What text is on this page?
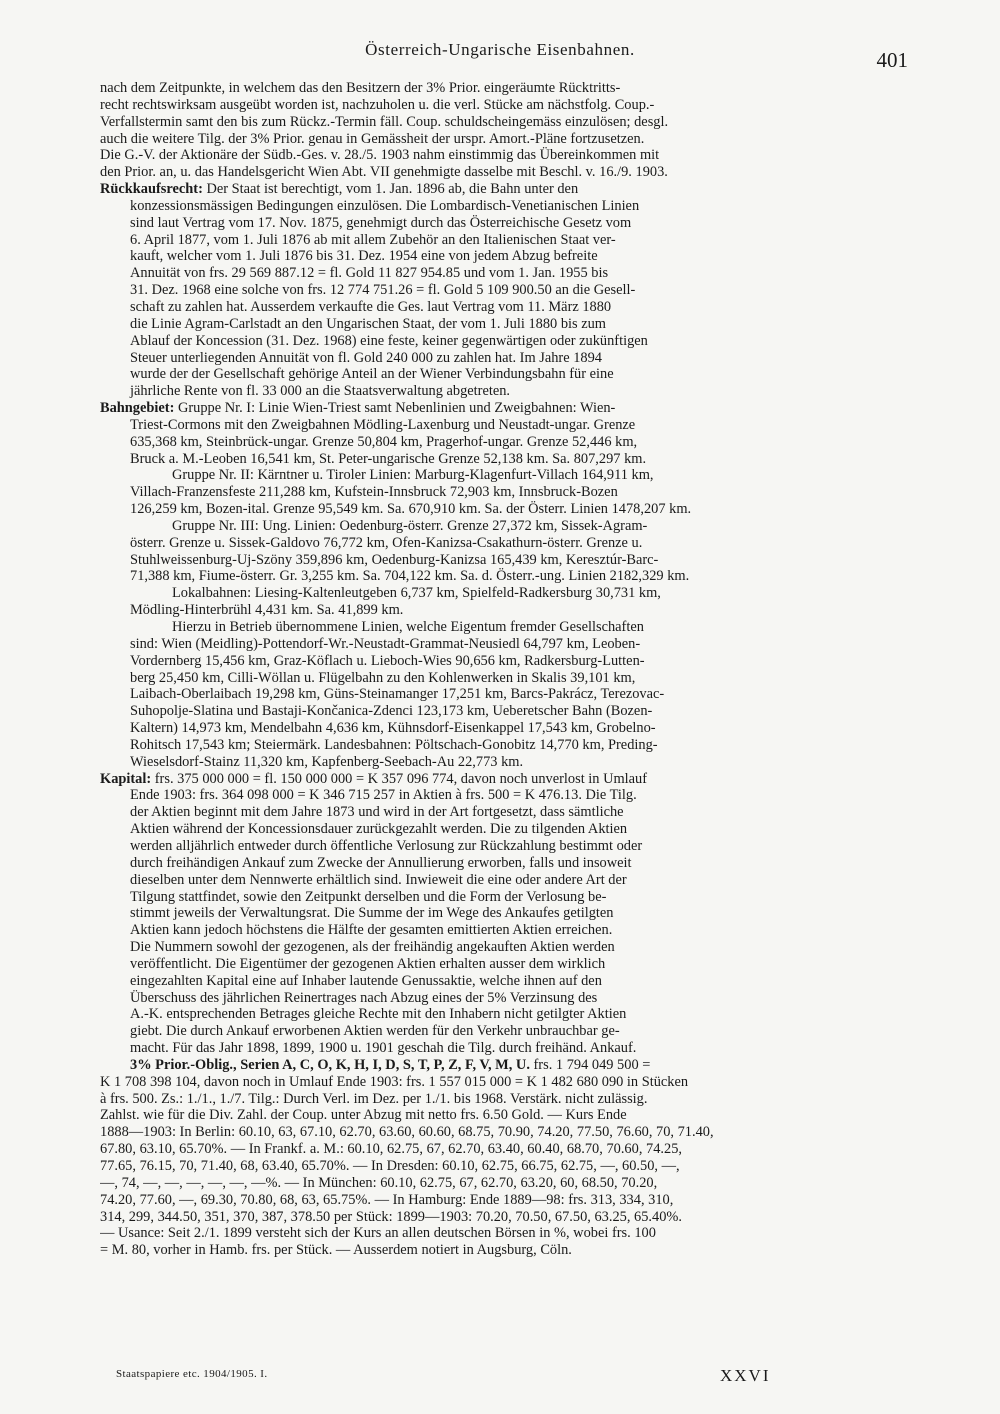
Österreich-Ungarische Eisenbahnen.	401
nach dem Zeitpunkte, in welchem das den Besitzern der 3% Prior. eingeräumte Rücktritts-
recht rechtswirksam ausgeübt worden ist, nachzuholen u. die verl. Stücke am nächstfolg. Coup.-
Verfallstermin samt den bis zum Rückz.-Termin fäll. Coup. schuldscheingemäss einzulösen; desgl.
auch die weitere Tilg. der 3% Prior. genau in Gemässheit der urspr. Amort.-Pläne fortzusetzen.
Die G.-V. der Aktionäre der Südb.-Ges. v. 28./5. 1903 nahm einstimmig das Übereinkommen mit
den Prior. an, u. das Handelsgericht Wien Abt. VII genehmigte dasselbe mit Beschl. v. 16./9. 1903.
Rückkaufsrecht: Der Staat ist berechtigt, vom 1. Jan. 1896 ab, die Bahn unter den
konzessionsmässigen Bedingungen einzulösen. Die Lombardisch-Venetianischen Linien
sind laut Vertrag vom 17. Nov. 1875, genehmigt durch das Österreichische Gesetz vom
6. April 1877, vom 1. Juli 1876 ab mit allem Zubehör an den Italienischen Staat ver-
kauft, welcher vom 1. Juli 1876 bis 31. Dez. 1954 eine von jedem Abzug befreite
Annuität von frs. 29 569 887.12 = fl. Gold 11 827 954.85 und vom 1. Jan. 1955 bis
31. Dez. 1968 eine solche von frs. 12 774 751.26 = fl. Gold 5 109 900.50 an die Gesell-
schaft zu zahlen hat. Ausserdem verkaufte die Ges. laut Vertrag vom 11. März 1880
die Linie Agram-Carlstadt an den Ungarischen Staat, der vom 1. Juli 1880 bis zum
Ablauf der Koncession (31. Dez. 1968) eine feste, keiner gegenwärtigen oder zukünftigen
Steuer unterliegenden Annuität von fl. Gold 240 000 zu zahlen hat. Im Jahre 1894
wurde der der Gesellschaft gehörige Anteil an der Wiener Verbindungsbahn für eine
jährliche Rente von fl. 33 000 an die Staatsverwaltung abgetreten.
Bahngebiet: Gruppe Nr. I: Linie Wien-Triest samt Nebenlinien und Zweigbahnen: Wien-
Triest-Cormons mit den Zweigbahnen Mödling-Laxenburg und Neustadt-ungar. Grenze
635,368 km, Steinbrück-ungar. Grenze 50,804 km, Pragerhof-ungar. Grenze 52,446 km,
Bruck a. M.-Leoben 16,541 km, St. Peter-ungarische Grenze 52,138 km. Sa. 807,297 km.
Gruppe Nr. II: Kärntner u. Tiroler Linien: Marburg-Klagenfurt-Villach 164,911 km,
Villach-Franzensfeste 211,288 km, Kufstein-Innsbruck 72,903 km, Innsbruck-Bozen
126,259 km, Bozen-ital. Grenze 95,549 km. Sa. 670,910 km. Sa. der Österr. Linien 1478,207 km.
Gruppe Nr. III: Ung. Linien: Oedenburg-österr. Grenze 27,372 km, Sissek-Agram-
österr. Grenze u. Sissek-Galdovo 76,772 km, Ofen-Kanizsa-Csakathurn-österr. Grenze u.
Stuhlweissenburg-Uj-Szöny 359,896 km, Oedenburg-Kanizsa 165,439 km, Keresztúr-Barc-
71,388 km, Fiume-österr. Gr. 3,255 km. Sa. 704,122 km. Sa. d. Österr.-ung. Linien 2182,329 km.
Lokalbahnen: Liesing-Kaltenleutgeben 6,737 km, Spielfeld-Radkersburg 30,731 km,
Mödling-Hinterbrühl 4,431 km. Sa. 41,899 km.
Hierzu in Betrieb übernommene Linien, welche Eigentum fremder Gesellschaften
sind: Wien (Meidling)-Pottendorf-Wr.-Neustadt-Grammat-Neusiedl 64,797 km, Leoben-
Vordernberg 15,456 km, Graz-Köflach u. Lieboch-Wies 90,656 km, Radkersburg-Lutten-
berg 25,450 km, Cilli-Wöllan u. Flügelbahn zu den Kohlenwerken in Skalis 39,101 km,
Laibach-Oberlaibach 19,298 km, Güns-Steinamanger 17,251 km, Barcs-Pakrácz, Terezovac-
Suhopolje-Slatina und Bastaji-Končanica-Zdenci 123,173 km, Ueberetscher Bahn (Bozen-
Kaltern) 14,973 km, Mendelbahn 4,636 km, Kühnsdorf-Eisenkappel 17,543 km, Grobelno-
Rohitsch 17,543 km; Steiermärk. Landesbahnen: Pöltschach-Gonobitz 14,770 km, Preding-
Wieselsdorf-Stainz 11,320 km, Kapfenberg-Seebach-Au 22,773 km.
Kapital: frs. 375 000 000 = fl. 150 000 000 = K 357 096 774, davon noch unverlost in Umlauf
Ende 1903: frs. 364 098 000 = K 346 715 257 in Aktien à frs. 500 = K 476.13. Die Tilg.
der Aktien beginnt mit dem Jahre 1873 und wird in der Art fortgesetzt, dass sämtliche
Aktien während der Koncessionsdauer zurückgezahlt werden. Die zu tilgenden Aktien
werden alljährlich entweder durch öffentliche Verlosung zur Rückzahlung bestimmt oder
durch freihändigen Ankauf zum Zwecke der Annullierung erworben, falls und insoweit
dieselben unter dem Nennwerte erhältlich sind. Inwieweit die eine oder andere Art der
Tilgung stattfindet, sowie den Zeitpunkt derselben und die Form der Verlosung be-
stimmt jeweils der Verwaltungsrat. Die Summe der im Wege des Ankaufes getilgten
Aktien kann jedoch höchstens die Hälfte der gesamten emittierten Aktien erreichen.
Die Nummern sowohl der gezogenen, als der freihändig angekauften Aktien werden
veröffentlicht. Die Eigentümer der gezogenen Aktien erhalten ausser dem wirklich
eingezahlten Kapital eine auf Inhaber lautende Genussaktie, welche ihnen auf den
Überschuss des jährlichen Reinertrages nach Abzug eines der 5% Verzinsung des
A.-K. entsprechenden Betrages gleiche Rechte mit den Inhabern nicht getilgter Aktien
giebt. Die durch Ankauf erworbenen Aktien werden für den Verkehr unbrauchbar ge-
macht. Für das Jahr 1898, 1899, 1900 u. 1901 geschah die Tilg. durch freihänd. Ankauf.
3% Prior.-Oblig., Serien A, C, O, K, H, I, D, S, T, P, Z, F, V, M, U. frs. 1 794 049 500 =
K 1 708 398 104, davon noch in Umlauf Ende 1903: frs. 1 557 015 000 = K 1 482 680 090 in Stücken
à frs. 500. Zs.: 1./1., 1./7. Tilg.: Durch Verl. im Dez. per 1./1. bis 1968. Verstärk. nicht zulässig.
Zahlst. wie für die Div. Zahl. der Coup. unter Abzug mit netto frs. 6.50 Gold. — Kurs Ende
1888—1903: In Berlin: 60.10, 63, 67.10, 62.70, 63.60, 60.60, 68.75, 70.90, 74.20, 77.50, 76.60, 70, 71.40,
67.80, 63.10, 65.70%. — In Frankf. a. M.: 60.10, 62.75, 67, 62.70, 63.40, 60.40, 68.70, 70.60, 74.25,
77.65, 76.15, 70, 71.40, 68, 63.40, 65.70%. — In Dresden: 60.10, 62.75, 66.75, 62.75, —, 60.50, —,
—, 74, —, —, —, —, —, —%. — In München: 60.10, 62.75, 67, 62.70, 63.20, 60, 68.50, 70.20,
74.20, 77.60, —, 69.30, 70.80, 68, 63, 65.75%. — In Hamburg: Ende 1889—98: frs. 313, 334, 310,
314, 299, 344.50, 351, 370, 387, 378.50 per Stück: 1899—1903: 70.20, 70.50, 67.50, 63.25, 65.40%.
— Usance: Seit 2./1. 1899 versteht sich der Kurs an allen deutschen Börsen in %, wobei frs. 100
= M. 80, vorher in Hamb. frs. per Stück. — Ausserdem notiert in Augsburg, Cöln.
Staatspapiere etc. 1904/1905. I.	XXVI
